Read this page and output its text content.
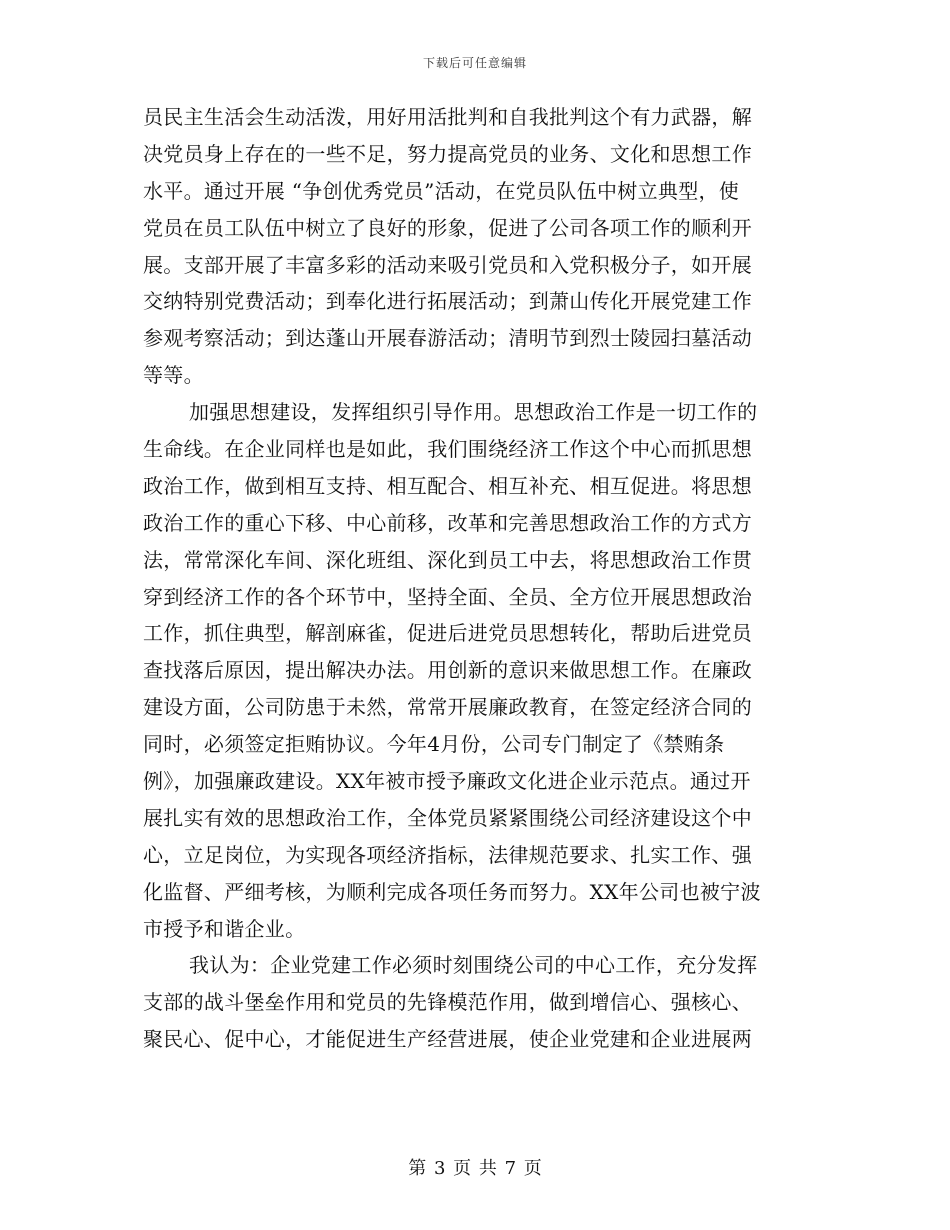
下载后可任意编辑
员民主生活会生动活泼，用好用活批判和自我批判这个有力武器，解
决党员身上存在的一些不足，努力提高党员的业务、文化和思想工作
水平。通过开展 “争创优秀党员”活动，在党员队伍中树立典型，使
党员在员工队伍中树立了良好的形象，促进了公司各项工作的顺利开
展。支部开展了丰富多彩的活动来吸引党员和入党积极分子，如开展
交纳特别党费活动；到奉化进行拓展活动；到萧山传化开展党建工作
参观考察活动；到达蓬山开展春游活动；清明节到烈士陵园扫墓活动
等等。
加强思想建设，发挥组织引导作用。思想政治工作是一切工作的
生命线。在企业同样也是如此，我们围绕经济工作这个中心而抓思想
政治工作，做到相互支持、相互配合、相互补充、相互促进。将思想
政治工作的重心下移、中心前移，改革和完善思想政治工作的方式方
法，常常深化车间、深化班组、深化到员工中去，将思想政治工作贯
穿到经济工作的各个环节中，坚持全面、全员、全方位开展思想政治
工作，抓住典型，解剖麻雀，促进后进党员思想转化，帮助后进党员
查找落后原因，提出解决办法。用创新的意识来做思想工作。在廉政
建设方面，公司防患于未然，常常开展廉政教育，在签定经济合同的
同时，必须签定拒贿协议。今年4月份，公司专门制定了《禁贿条
例》，加强廉政建设。XX年被市授予廉政文化进企业示范点。通过开
展扎实有效的思想政治工作，全体党员紧紧围绕公司经济建设这个中
心，立足岗位，为实现各项经济指标，法律规范要求、扎实工作、强
化监督、严细考核，为顺利完成各项任务而努力。XX年公司也被宁波
市授予和谐企业。
我认为：企业党建工作必须时刻围绕公司的中心工作，充分发挥
支部的战斗堡垒作用和党员的先锋模范作用，做到增信心、强核心、
聚民心、促中心，才能促进生产经营进展，使企业党建和企业进展两
第 3 页 共 7 页
